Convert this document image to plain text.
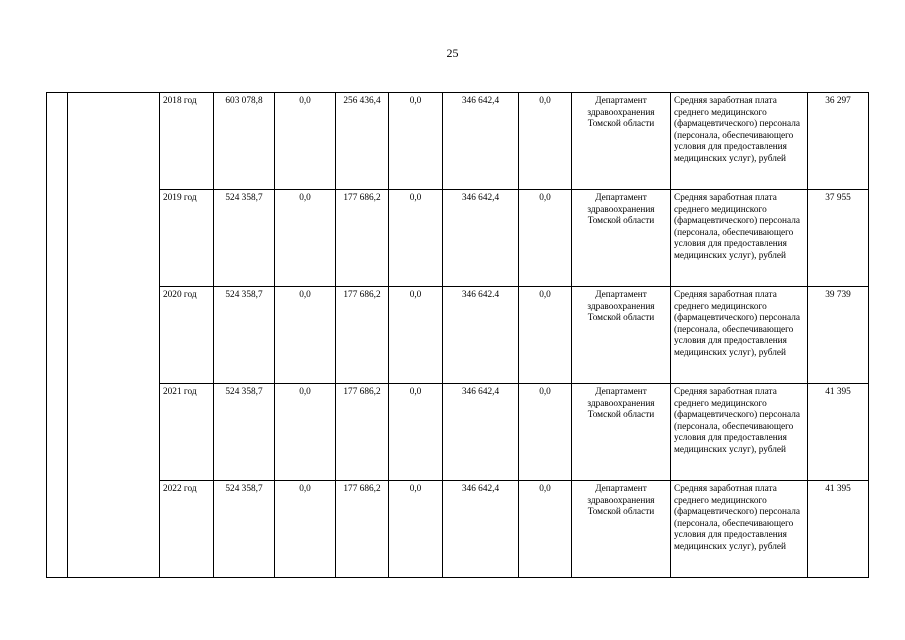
25
		2018 год	603 078,8	0,0	256 436,4	0,0	346 642,4	0,0	Департамент здравоохранения Томской области	Средняя заработная плата среднего медицинского (фармацевтического) персонала (персонала, обеспечивающего условия для предоставления медицинских услуг), рублей	36 297
		2019 год	524 358,7	0,0	177 686,2	0,0	346 642,4	0,0	Департамент здравоохранения Томской области	Средняя заработная плата среднего медицинского (фармацевтического) персонала (персонала, обеспечивающего условия для предоставления медицинских услуг), рублей	37 955
		2020 год	524 358,7	0,0	177 686,2	0,0	346 642.4	0,0	Департамент здравоохранения Томской области	Средняя заработная плата среднего медицинского (фармацевтического) персонала (персонала, обеспечивающего условия для предоставления медицинских услуг), рублей	39 739
		2021 год	524 358,7	0,0	177 686,2	0,0	346 642,4	0,0	Департамент здравоохранения Томской области	Средняя заработная плата среднего медицинского (фармацевтического) персонала (персонала, обеспечивающего условия для предоставления медицинских услуг), рублей	41 395
		2022 год	524 358,7	0,0	177 686,2	0,0	346 642,4	0,0	Департамент здравоохранения Томской области	Средняя заработная плата среднего медицинского (фармацевтического) персонала (персонала, обеспечивающего условия для предоставления медицинских услуг), рублей	41 395
